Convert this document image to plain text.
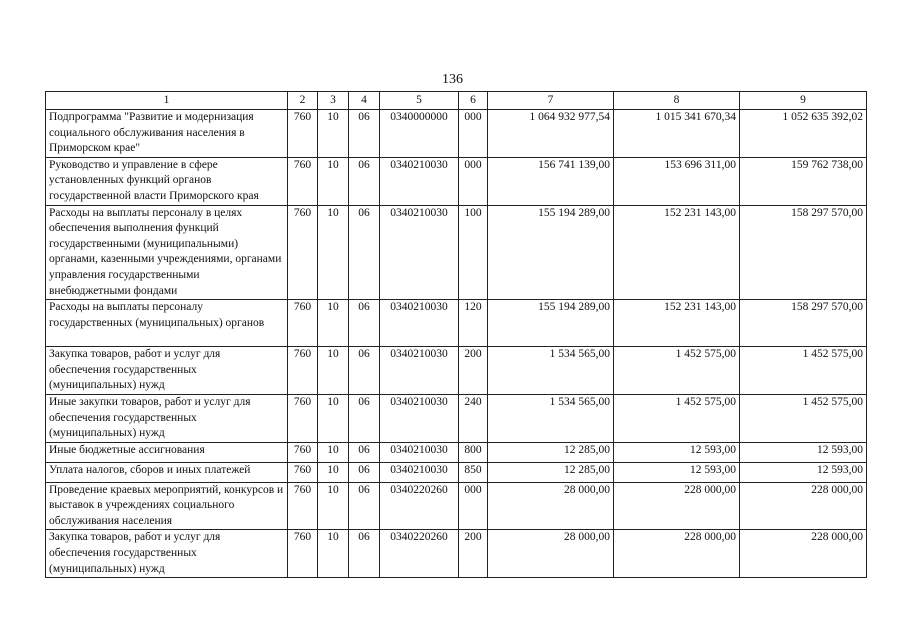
136
1	2	3	4	5	6	7	8	9
Подпрограмма "Развитие и модернизация социального обслуживания населения в Приморском крае"	760	10	06	0340000000	000	1 064 932 977,54	1 015 341 670,34	1 052 635 392,02
Руководство и управление в сфере установленных функций органов государственной власти Приморского края	760	10	06	0340210030	000	156 741 139,00	153 696 311,00	159 762 738,00
Расходы на выплаты персоналу в целях обеспечения выполнения функций государственными (муниципальными) органами, казенными учреждениями, органами управления государственными внебюджетными фондами	760	10	06	0340210030	100	155 194 289,00	152 231 143,00	158 297 570,00
Расходы на выплаты персоналу государственных (муниципальных) органов	760	10	06	0340210030	120	155 194 289,00	152 231 143,00	158 297 570,00
Закупка товаров, работ и услуг для обеспечения государственных (муниципальных) нужд	760	10	06	0340210030	200	1 534 565,00	1 452 575,00	1 452 575,00
Иные закупки товаров, работ и услуг для обеспечения государственных (муниципальных) нужд	760	10	06	0340210030	240	1 534 565,00	1 452 575,00	1 452 575,00
Иные бюджетные ассигнования	760	10	06	0340210030	800	12 285,00	12 593,00	12 593,00
Уплата налогов, сборов и иных платежей	760	10	06	0340210030	850	12 285,00	12 593,00	12 593,00
Проведение краевых мероприятий, конкурсов и выставок в учреждениях социального обслуживания населения	760	10	06	0340220260	000	28 000,00	228 000,00	228 000,00
Закупка товаров, работ и услуг для обеспечения государственных (муниципальных) нужд	760	10	06	0340220260	200	28 000,00	228 000,00	228 000,00
